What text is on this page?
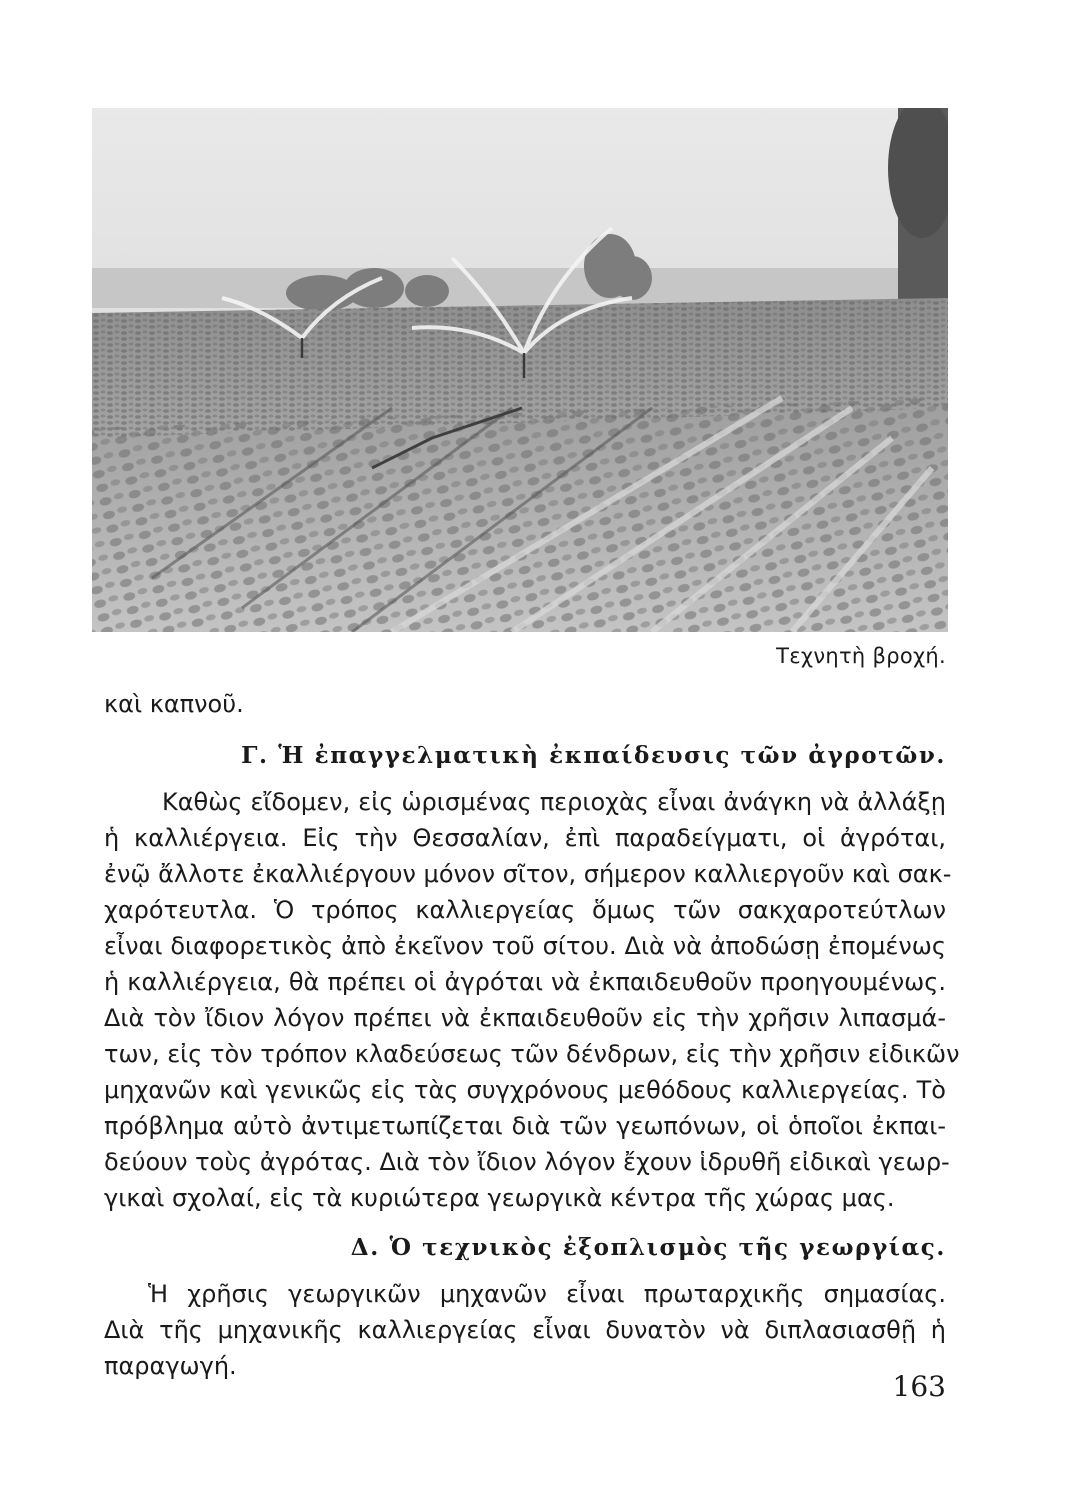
Τεχνητὴ βροχή.
καὶ καπνοῦ.
Γ. Ἡ ἐπαγγελματικὴ ἐκπαίδευσις τῶν ἀγροτῶν.
Καθὼς εἴδομεν, εἰς ὡρισμένας περιοχὰς εἶναι ἀνάγκη νὰ ἀλλάξῃ
ἡ καλλιέργεια. Εἰς τὴν Θεσσαλίαν, ἐπὶ παραδείγματι, οἱ ἀγρόται,
ἐνῷ ἄλλοτε ἐκαλλιέργουν μόνον σῖτον, σήμερον καλλιεργοῦν καὶ σακ-
χαρότευτλα. Ὁ τρόπος καλλιεργείας ὅμως τῶν σακχαροτεύτλων
εἶναι διαφορετικὸς ἀπὸ ἐκεῖνον τοῦ σίτου. Διὰ νὰ ἀποδώσῃ ἐπομένως
ἡ καλλιέργεια, θὰ πρέπει οἱ ἀγρόται νὰ ἐκπαιδευθοῦν προηγουμένως.
Διὰ τὸν ἴδιον λόγον πρέπει νὰ ἐκπαιδευθοῦν εἰς τὴν χρῆσιν λιπασμά-
των, εἰς τὸν τρόπον κλαδεύσεως τῶν δένδρων, εἰς τὴν χρῆσιν εἰδικῶν
μηχανῶν καὶ γενικῶς εἰς τὰς συγχρόνους μεθόδους καλλιεργείας. Τὸ
πρόβλημα αὐτὸ ἀντιμετωπίζεται διὰ τῶν γεωπόνων, οἱ ὁποῖοι ἐκπαι-
δεύουν τοὺς ἀγρότας. Διὰ τὸν ἴδιον λόγον ἔχουν ἱδρυθῆ εἰδικαὶ γεωρ-
γικαὶ σχολαί, εἰς τὰ κυριώτερα γεωργικὰ κέντρα τῆς χώρας μας.
Δ. Ὁ τεχνικὸς ἐξοπλισμὸς τῆς γεωργίας.
Ἡ χρῆσις γεωργικῶν μηχανῶν εἶναι πρωταρχικῆς σημασίας.
Διὰ τῆς μηχανικῆς καλλιεργείας εἶναι δυνατὸν νὰ διπλασιασθῇ ἡ
παραγωγή.
163
